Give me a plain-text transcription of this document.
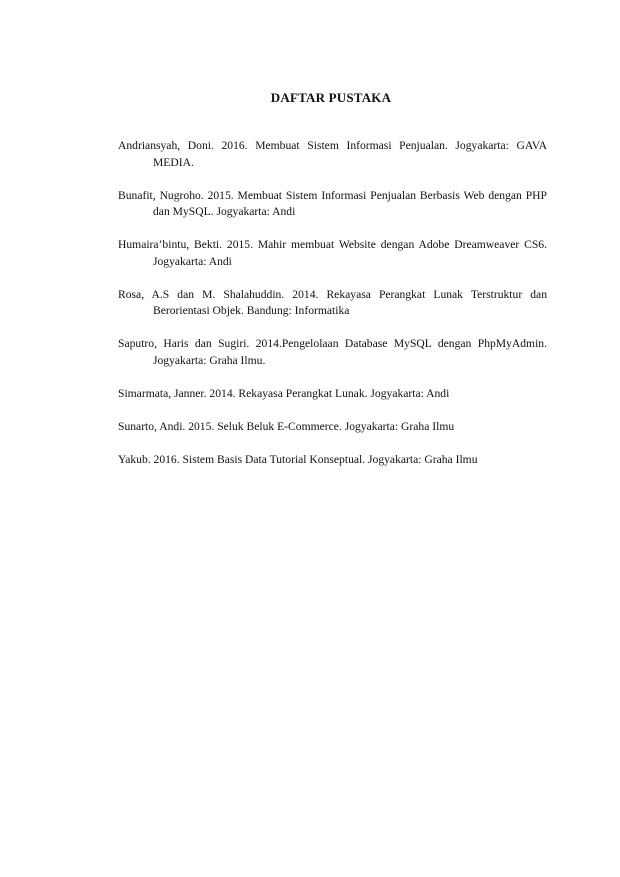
DAFTAR PUSTAKA
Andriansyah, Doni. 2016. Membuat Sistem Informasi Penjualan. Jogyakarta: GAVA MEDIA.
Bunafit, Nugroho. 2015. Membuat Sistem Informasi Penjualan Berbasis Web dengan PHP dan MySQL. Jogyakarta: Andi
Humaira’bintu, Bekti. 2015. Mahir membuat Website dengan Adobe Dreamweaver CS6. Jogyakarta: Andi
Rosa, A.S dan M. Shalahuddin. 2014. Rekayasa Perangkat Lunak Terstruktur dan Berorientasi Objek. Bandung: Informatika
Saputro, Haris dan Sugiri. 2014.Pengelolaan Database MySQL dengan PhpMyAdmin. Jogyakarta: Graha Ilmu.
Simarmata, Janner. 2014. Rekayasa Perangkat Lunak. Jogyakarta: Andi
Sunarto, Andi. 2015. Seluk Beluk E-Commerce. Jogyakarta: Graha Ilmu
Yakub. 2016. Sistem Basis Data Tutorial Konseptual. Jogyakarta: Graha Ilmu
